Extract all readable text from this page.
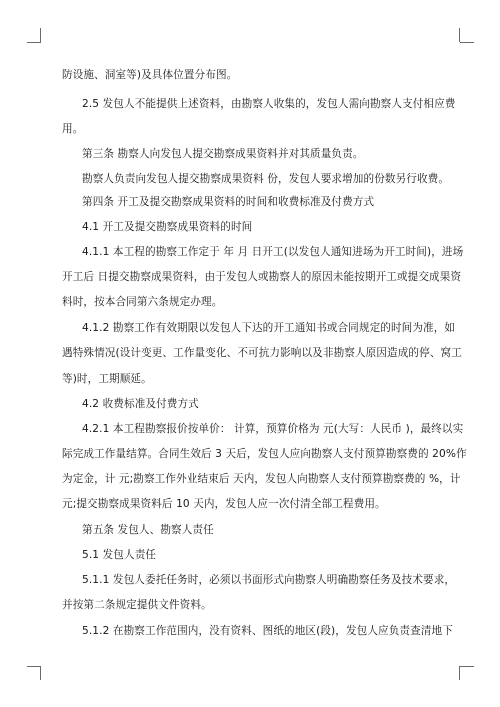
防设施、洞室等)及具体位置分布图。
2.5 发包人不能提供上述资料，由勘察人收集的，发包人需向勘察人支付相应费
用。
第三条 勘察人向发包人提交勘察成果资料并对其质量负责。
勘察人负责向发包人提交勘察成果资料 份，发包人要求增加的份数另行收费。
第四条 开工及提交勘察成果资料的时间和收费标准及付费方式
4.1 开工及提交勘察成果资料的时间
4.1.1 本工程的勘察工作定于 年 月 日开工(以发包人通知进场为开工时间)，进场
开工后 日提交勘察成果资料，由于发包人或勘察人的原因未能按期开工或提交成果资
料时，按本合同第六条规定办理。
4.1.2 勘察工作有效期限以发包人下达的开工通知书或合同规定的时间为准，如
遇特殊情况(设计变更、工作量变化、不可抗力影响以及非勘察人原因造成的停、窝工
等)时，工期顺延。
4.2 收费标准及付费方式
4.2.1 本工程勘察报价按单价： 计算，预算价格为 元(大写：人民币 )，最终以实
际完成工作量结算。合同生效后 3 天后，发包人应向勘察人支付预算勘察费的 20%作
为定金，计 元;勘察工作外业结束后 天内，发包人向勘察人支付预算勘察费的 %，计
元;提交勘察成果资料后 10 天内，发包人应一次付清全部工程费用。
第五条 发包人、勘察人责任
5.1 发包人责任
5.1.1 发包人委托任务时，必须以书面形式向勘察人明确勘察任务及技术要求，
并按第二条规定提供文件资料。
5.1.2 在勘察工作范围内，没有资料、图纸的地区(段)，发包人应负责查清地下
